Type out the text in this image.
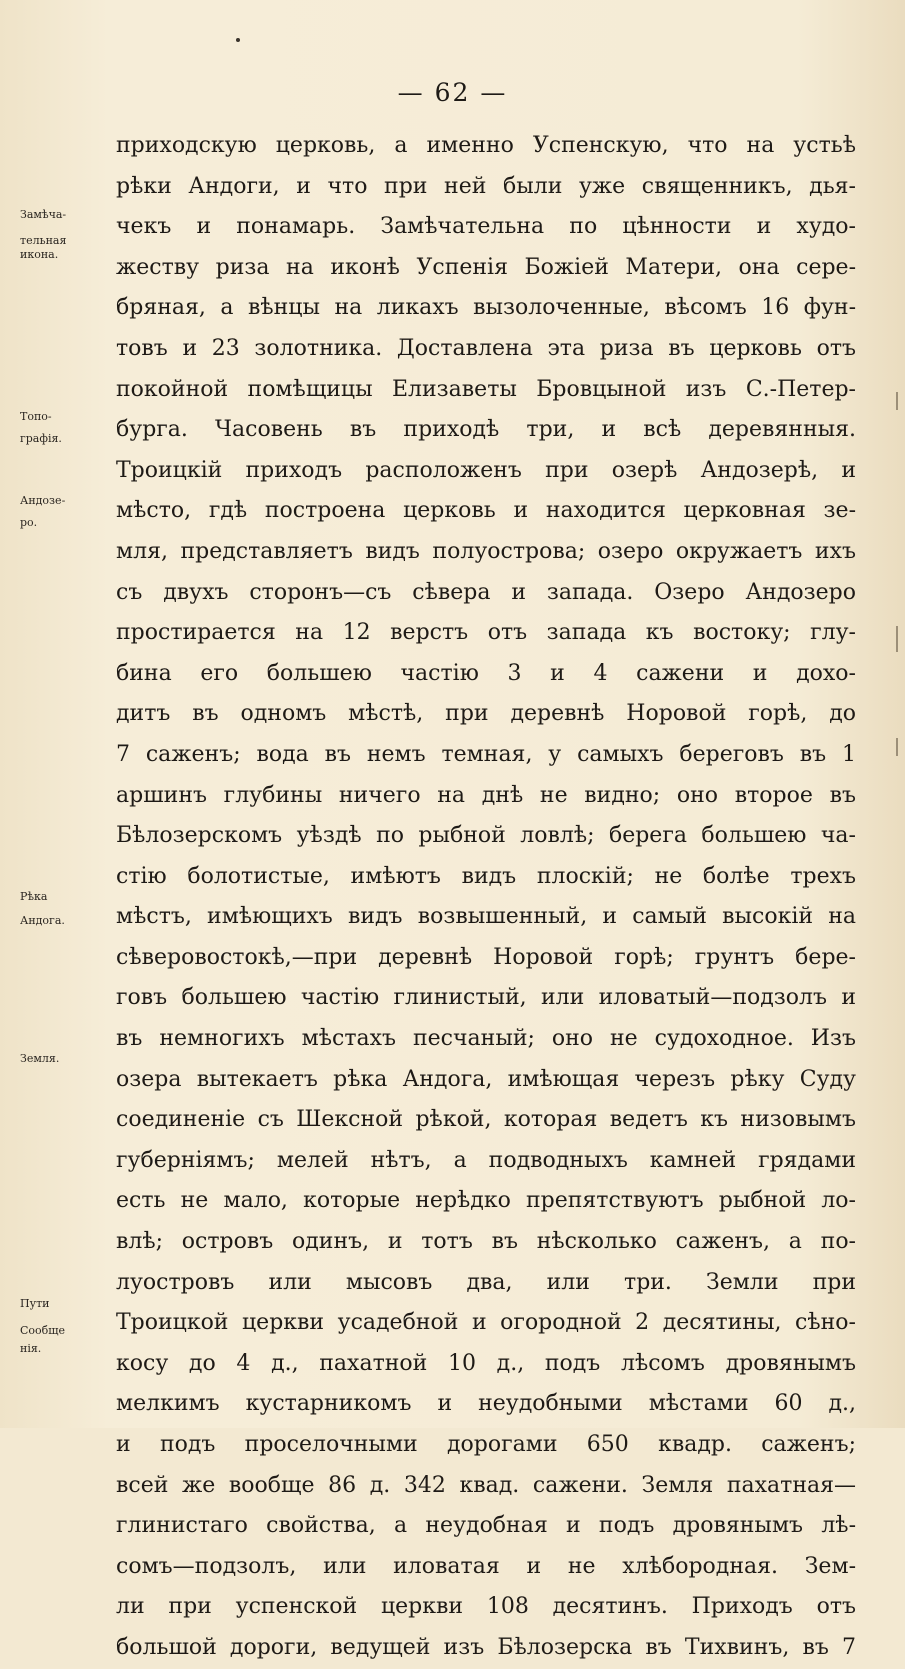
— 62 —
приходскую церковь, а именно Успенскую, что на устьѣ
рѣки Андоги, и что при ней были уже священникъ, дья-
чекъ и понамарь. Замѣчательна по цѣнности и худо-
жеству риза на иконѣ Успенія Божіей Матери, она сере-
бряная, а вѣнцы на ликахъ вызолоченные, вѣсомъ 16 фун-
товъ и 23 золотника. Доставлена эта риза въ церковь отъ
покойной помѣщицы Елизаветы Бровцыной изъ С.-Петер-
бурга. Часовень въ приходѣ три, и всѣ деревянныя.
Троицкій приходъ расположенъ при озерѣ Андозерѣ, и
мѣсто, гдѣ построена церковь и находится церковная зе-
мля, представляетъ видъ полуострова; озеро окружаетъ ихъ
съ двухъ сторонъ—съ сѣвера и запада. Озеро Андозеро
простирается на 12 верстъ отъ запада къ востоку; глу-
бина его большею частію 3 и 4 сажени и дохо-
дитъ въ одномъ мѣстѣ, при деревнѣ Норовой горѣ, до
7 саженъ; вода въ немъ темная, у самыхъ береговъ въ 1
аршинъ глубины ничего на днѣ не видно; оно второе въ
Бѣлозерскомъ уѣздѣ по рыбной ловлѣ; берега большею ча-
стію болотистые, имѣютъ видъ плоскій; не болѣе трехъ
мѣстъ, имѣющихъ видъ возвышенный, и самый высокій на
сѣверовостокѣ,—при деревнѣ Норовой горѣ; грунтъ бере-
говъ большею частію глинистый, или иловатый—подзолъ и
въ немногихъ мѣстахъ песчаный; оно не судоходное. Изъ
озера вытекаетъ рѣка Андога, имѣющая черезъ рѣку Суду
соединеніе съ Шексной рѣкой, которая ведетъ къ низовымъ
губерніямъ; мелей нѣтъ, а подводныхъ камней грядами
есть не мало, которые нерѣдко препятствуютъ рыбной ло-
влѣ; островъ одинъ, и тотъ въ нѣсколько саженъ, а по-
луостровъ или мысовъ два, или три. Земли при
Троицкой церкви усадебной и огородной 2 десятины, сѣно-
косу до 4 д., пахатной 10 д., подъ лѣсомъ дровянымъ
мелкимъ кустарникомъ и неудобными мѣстами 60 д.,
и подъ проселочными дорогами 650 квадр. саженъ;
всей же вообще 86 д. 342 квад. сажени. Земля пахатная—
глинистаго свойства, а неудобная и подъ дровянымъ лѣ-
сомъ—подзолъ, или иловатая и не хлѣбородная. Зем-
ли при успенской церкви 108 десятинъ. Приходъ отъ
большой дороги, ведущей изъ Бѣлозерска въ Тихвинъ, въ 7
Замѣча-
тельная
икона.
Топо-
графія.
Андозе-
ро.
Рѣка
Андога.
Земля.
Пути
Сообще
нія.
